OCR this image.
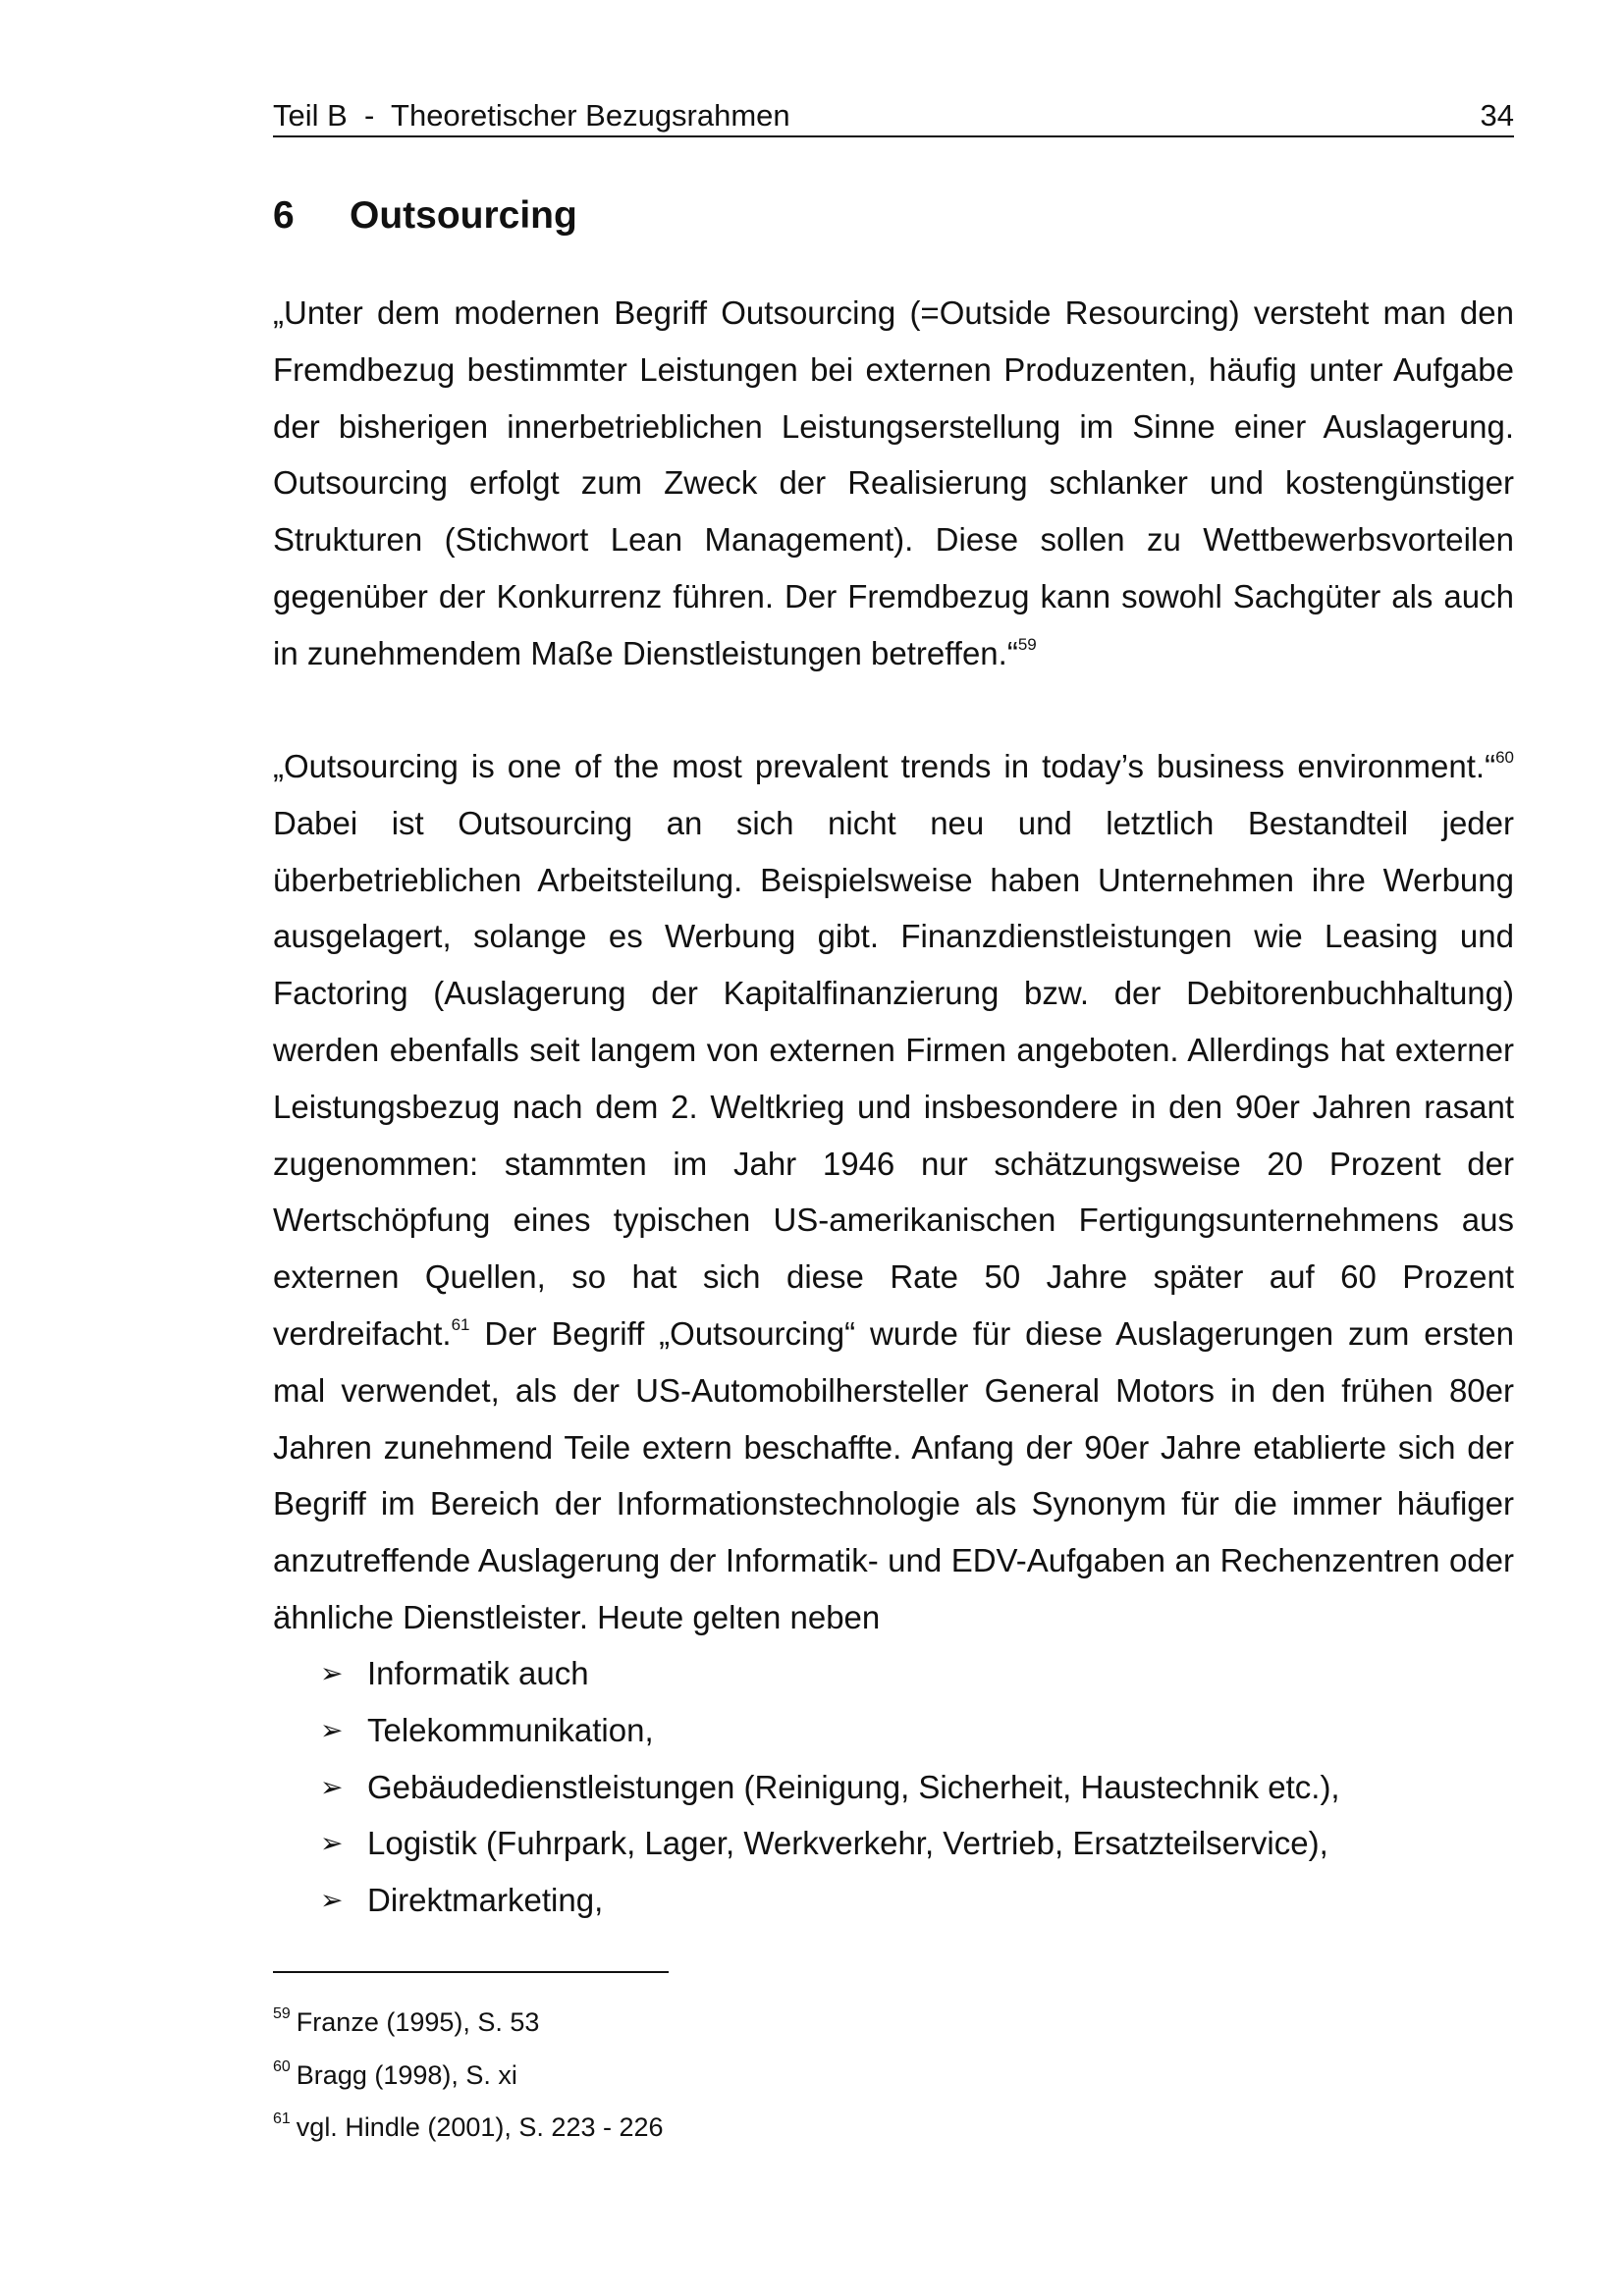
Teil B  -  Theoretischer Bezugsrahmen	34
6 Outsourcing

„Unter dem modernen Begriff Outsourcing (=Outside Resourcing) versteht man den Fremdbezug bestimmter Leistungen bei externen Produzenten, häufig unter Aufgabe der bisherigen innerbetrieblichen Leistungserstellung im Sinne einer Auslagerung. Outsourcing erfolgt zum Zweck der Realisierung schlanker und kostengünstiger Strukturen (Stichwort Lean Management). Diese sollen zu Wettbewerbsvorteilen gegenüber der Konkurrenz führen. Der Fremdbezug kann sowohl Sachgüter als auch in zunehmendem Maße Dienstleistungen betreffen.“$^{59}$

„Outsourcing is one of the most prevalent trends in today’s business environment.“$^{60}$ Dabei ist Outsourcing an sich nicht neu und letztlich Bestandteil jeder überbetrieblichen Arbeitsteilung. Beispielsweise haben Unternehmen ihre Werbung ausgelagert, solange es Werbung gibt. Finanzdienstleistungen wie Leasing und Factoring (Auslagerung der Kapitalfinanzierung bzw. der Debitorenbuchhaltung) werden ebenfalls seit langem von externen Firmen angeboten. Allerdings hat externer Leistungsbezug nach dem 2. Weltkrieg und insbesondere in den 90er Jahren rasant zugenommen: stammten im Jahr 1946 nur schätzungsweise 20 Prozent der Wertschöpfung eines typischen US-amerikanischen Fertigungsunternehmens aus externen Quellen, so hat sich diese Rate 50 Jahre später auf 60 Prozent verdreifacht.$^{61}$ Der Begriff „Outsourcing“ wurde für diese Auslagerungen zum ersten mal verwendet, als der US-Automobilhersteller General Motors in den frühen 80er Jahren zunehmend Teile extern beschaffte. Anfang der 90er Jahre etablierte sich der Begriff im Bereich der Informationstechnologie als Synonym für die immer häufiger anzutreffende Auslagerung der Informatik- und EDV-Aufgaben an Rechenzentren oder ähnliche Dienstleister. Heute gelten neben

➢ Informatik auch
➢ Telekommunikation,
➢ Gebäudedienstleistungen (Reinigung, Sicherheit, Haustechnik etc.),
➢ Logistik (Fuhrpark, Lager, Werkverkehr, Vertrieb, Ersatzteilservice),
➢ Direktmarketing,
$^{59}$ Franze (1995), S. 53
$^{60}$ Bragg (1998), S. xi
$^{61}$ vgl. Hindle (2001), S. 223 - 226
